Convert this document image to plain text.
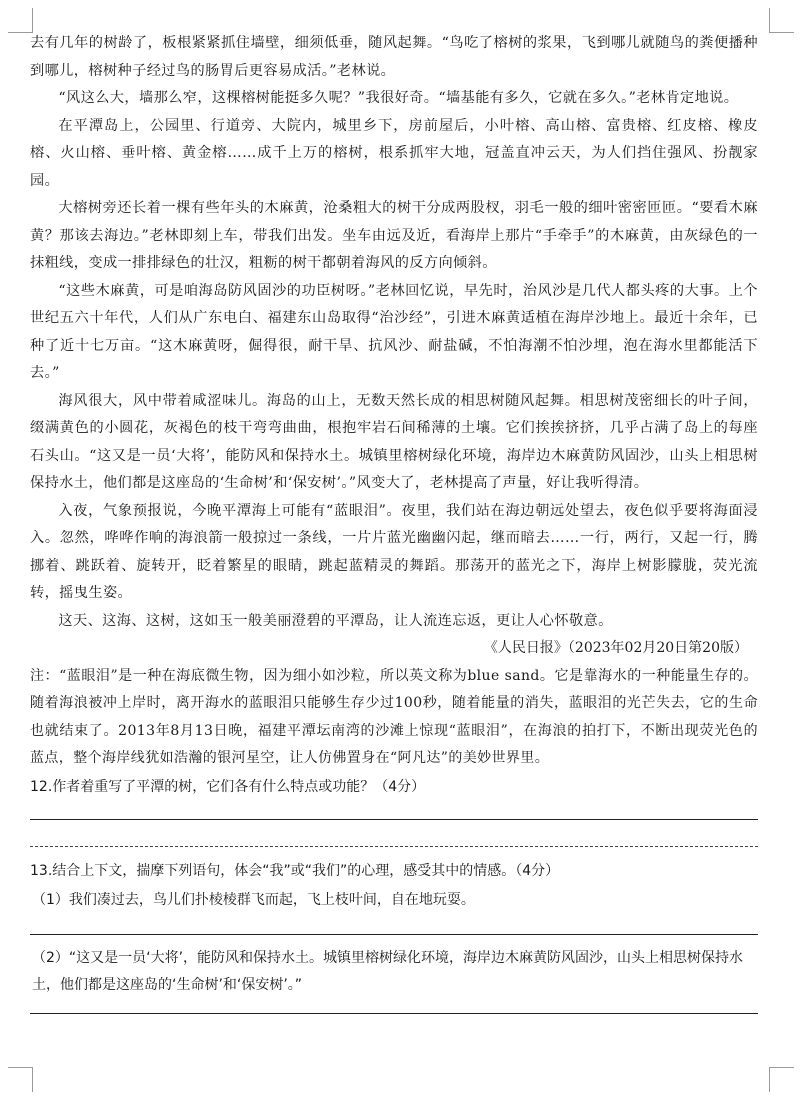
去有几年的树龄了，板根紧紧抓住墙壁，细须低垂，随风起舞。“鸟吃了榕树的浆果，飞到哪儿就随鸟的粪便播种到哪儿，榕树种子经过鸟的肠胃后更容易成活。”老林说。

“风这么大，墙那么窄，这棵榕树能挺多久呢？”我很好奇。“墙基能有多久，它就在多久。”老林肯定地说。

在平潭岛上，公园里、行道旁、大院内，城里乡下，房前屋后，小叶榕、高山榕、富贵榕、红皮榕、橡皮榕、火山榕、垂叶榕、黄金榕……成千上万的榕树，根系抓牢大地，冠盖直冲云天，为人们挡住强风、扮靓家园。

大榕树旁还长着一棵有些年头的木麻黄，沧桑粗大的树干分成两股杈，羽毛一般的细叶密密匝匝。“要看木麻黄？那该去海边。”老林即刻上车，带我们出发。坐车由远及近，看海岸上那片“手牵手”的木麻黄，由灰绿色的一抹粗线，变成一排排绿色的壮汉，粗粝的树干都朝着海风的反方向倾斜。

“这些木麻黄，可是咱海岛防风固沙的功臣树呀。”老林回忆说，早先时，治风沙是几代人都头疼的大事。上个世纪五六十年代，人们从广东电白、福建东山岛取得“治沙经”，引进木麻黄适植在海岸沙地上。最近十余年，已种了近十七万亩。“这木麻黄呀，倔得很，耐干旱、抗风沙、耐盐碱，不怕海潮不怕沙埋，泡在海水里都能活下去。”

海风很大，风中带着咸涩味儿。海岛的山上，无数天然长成的相思树随风起舞。相思树茂密细长的叶子间，缀满黄色的小圆花，灰褐色的枝干弯弯曲曲，根抱牢岩石间稀薄的土壤。它们挨挨挤挤，几乎占满了岛上的每座石头山。“这又是一员‘大将’，能防风和保持水土。城镇里榕树绿化环境，海岸边木麻黄防风固沙，山头上相思树保持水土，他们都是这座岛的‘生命树’和‘保安树’。”风变大了，老林提高了声量，好让我听得清。

入夜，气象预报说，今晚平潭海上可能有“蓝眼泪”。夜里，我们站在海边朝远处望去，夜色似乎要将海面浸入。忽然，哗哗作响的海浪箭一般掠过一条线，一片片蓝光幽幽闪起，继而暗去……一行，两行，又起一行，腾挪着、跳跃着、旋转开，眨着繁星的眼睛，跳起蓝精灵的舞蹈。那荡开的蓝光之下，海岸上树影朦胧，荧光流转，摇曳生姿。

这天、这海、这树，这如玉一般美丽澄碧的平潭岛，让人流连忘返，更让人心怀敬意。

《人民日报》（2023年02月20日第20版）

注：“蓝眼泪”是一种在海底微生物，因为细小如沙粒，所以英文称为blue sand。它是靠海水的一种能量生存的。随着海浪被冲上岸时，离开海水的蓝眼泪只能够生存少过100秒，随着能量的消失，蓝眼泪的光芒失去，它的生命也就结束了。2013年8月13日晚，福建平潭坛南湾的沙滩上惊现“蓝眼泪”，在海浪的拍打下，不断出现荧光色的蓝点，整个海岸线犹如浩瀚的银河星空，让人仿佛置身在“阿凡达”的美妙世界里。

12.作者着重写了平潭的树，它们各有什么特点或功能？（4分）

13.结合上下文，揣摩下列语句，体会“我”或“我们”的心理，感受其中的情感。（4分）

（1）我们凑过去，鸟儿们扑棱棱群飞而起，飞上枝叶间，自在地玩耍。

（2）“这又是一员‘大将’，能防风和保持水土。城镇里榕树绿化环境，海岸边木麻黄防风固沙，山头上相思树保持水土，他们都是这座岛的‘生命树’和‘保安树’。”
